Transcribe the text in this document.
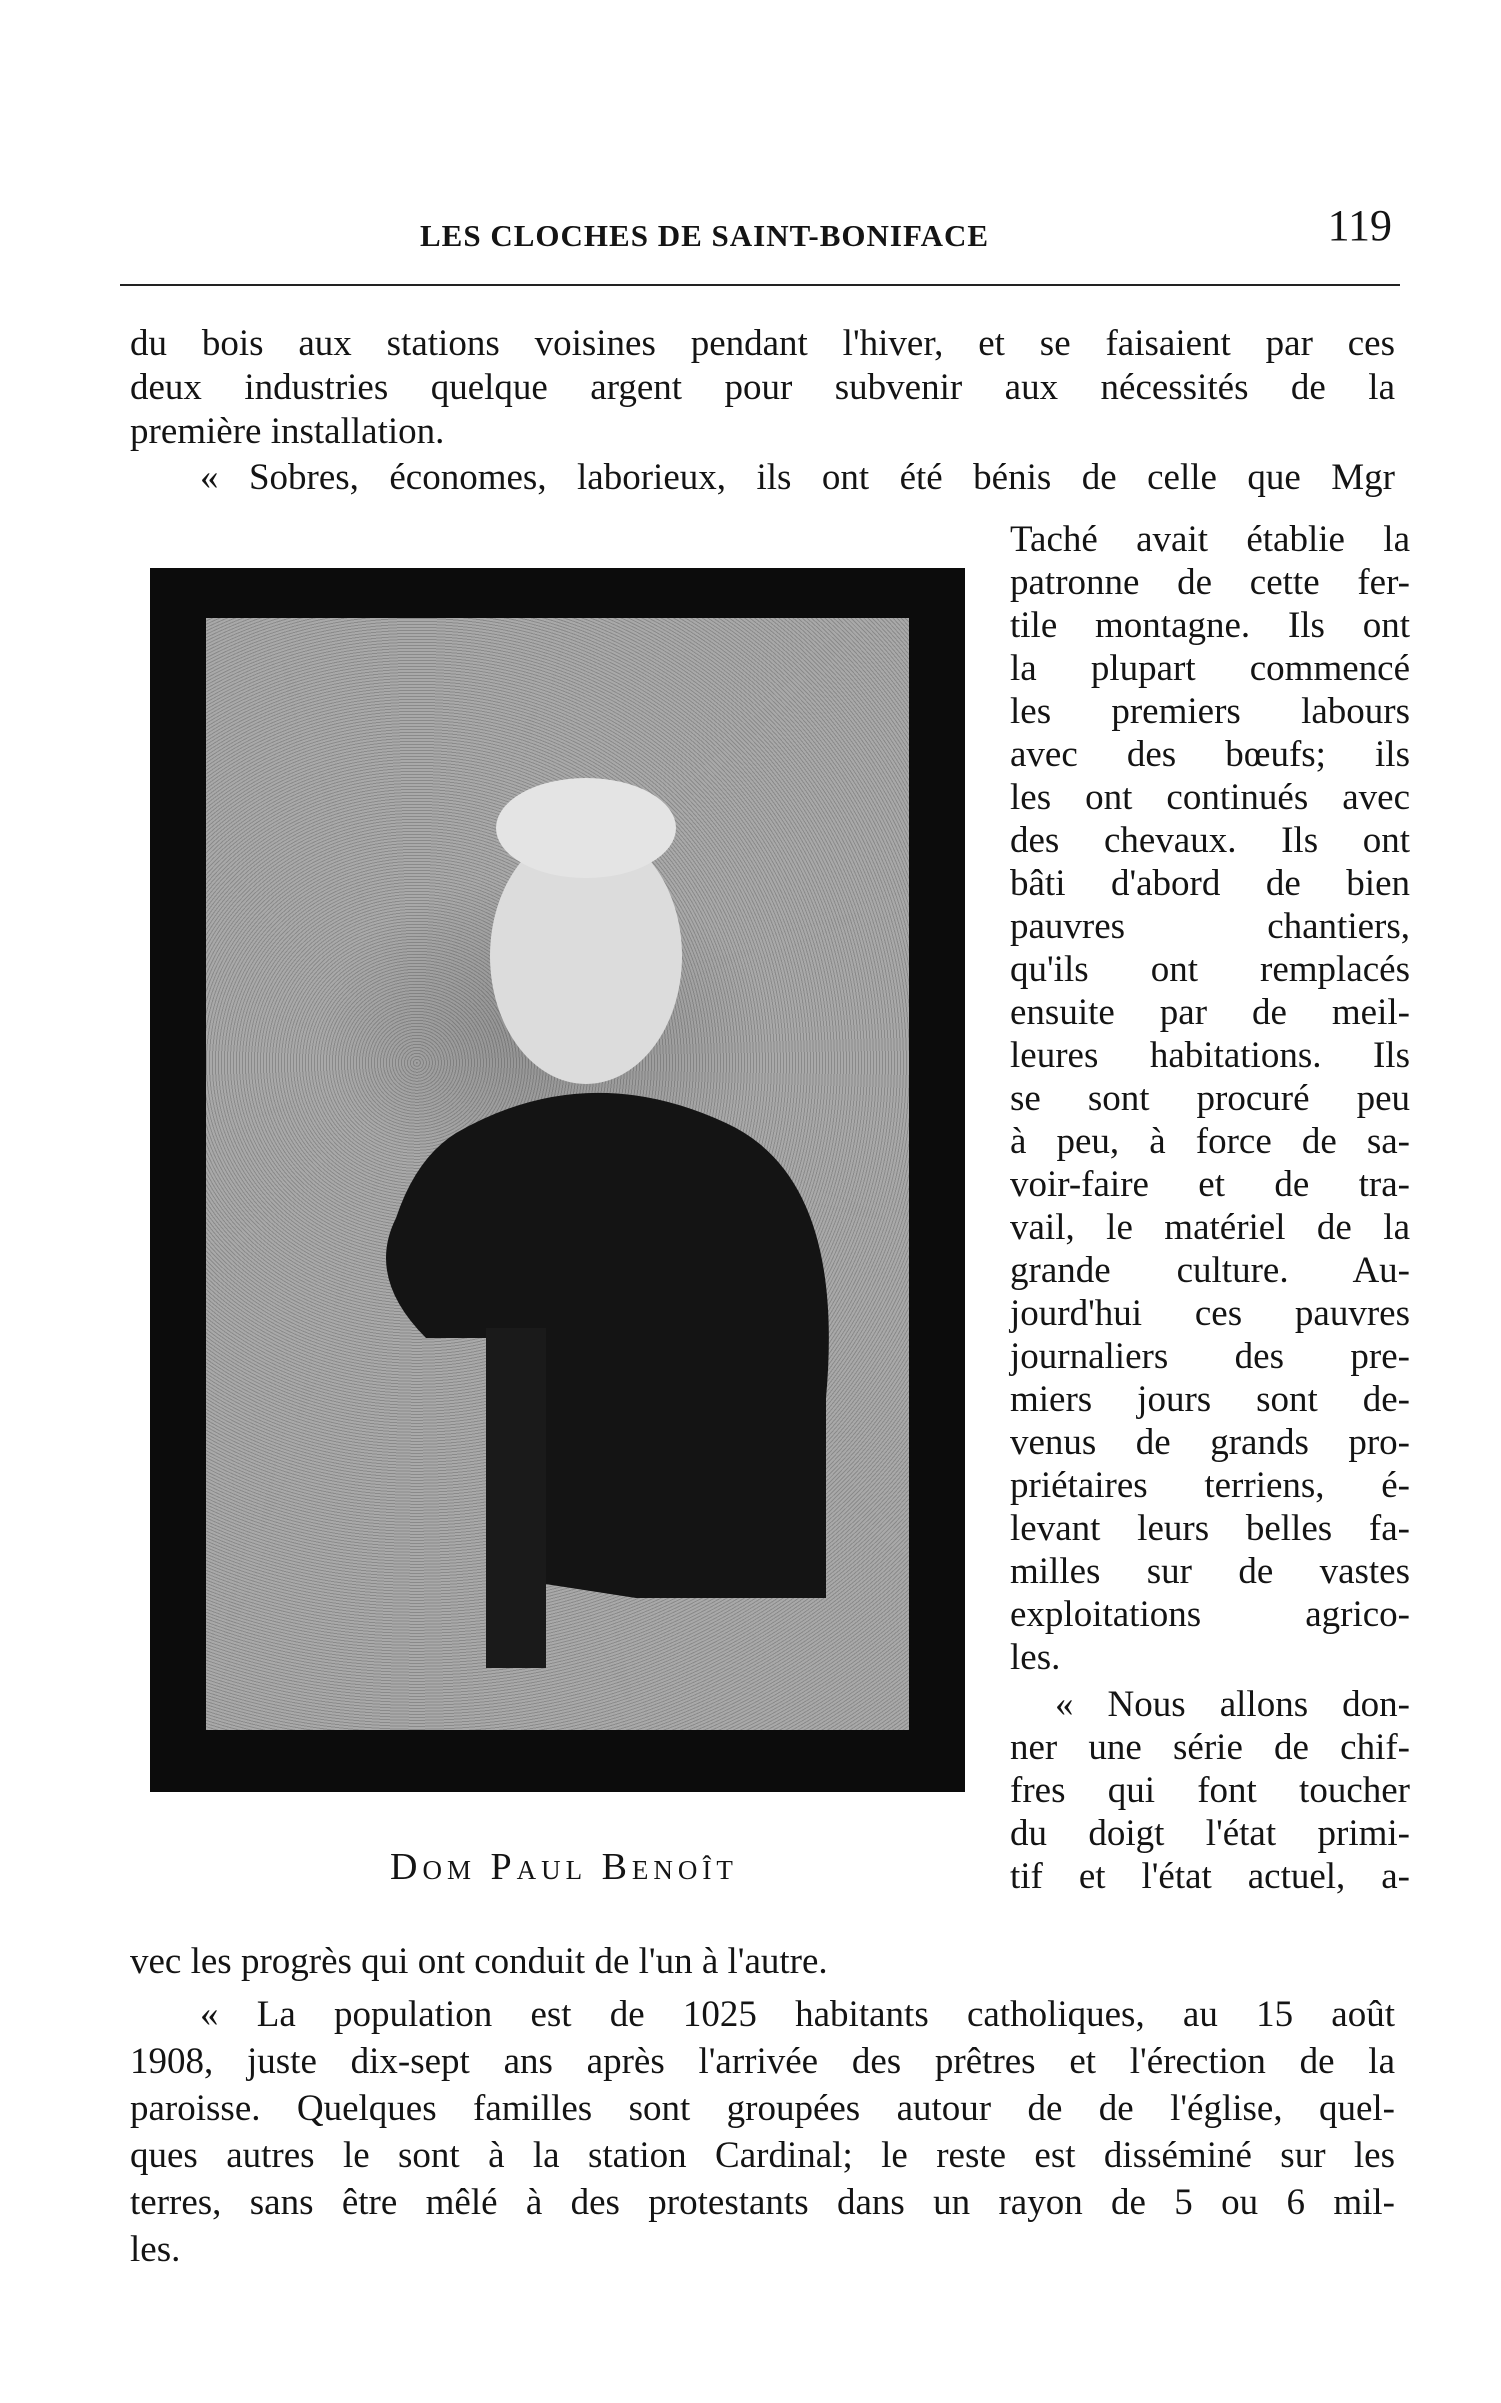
LES CLOCHES DE SAINT-BONIFACE	119
du bois aux stations voisines pendant l'hiver, et se faisaient par ces
deux industries quelque argent pour subvenir aux nécessités de la
première installation.
« Sobres, économes, laborieux, ils ont été bénis de celle que Mgr
Dom Paul Benoît
Taché avait établie la
patronne de cette fer-
tile montagne. Ils ont
la plupart commencé
les premiers labours
avec des bœufs; ils
les ont continués avec
des chevaux. Ils ont
bâti d'abord de bien
pauvres chantiers,
qu'ils ont remplacés
ensuite par de meil-
leures habitations. Ils
se sont procuré peu
à peu, à force de sa-
voir-faire et de tra-
vail, le matériel de la
grande culture. Au-
jourd'hui ces pauvres
journaliers des pre-
miers jours sont de-
venus de grands pro-
priétaires terriens, é-
levant leurs belles fa-
milles sur de vastes
exploitations agrico-
les.
« Nous allons don-
ner une série de chif-
fres qui font toucher
du doigt l'état primi-
tif et l'état actuel, a-
vec les progrès qui ont conduit de l'un à l'autre.
« La population est de 1025 habitants catholiques, au 15 août
1908, juste dix-sept ans après l'arrivée des prêtres et l'érection de la
paroisse. Quelques familles sont groupées autour de de l'église, quel-
ques autres le sont à la station Cardinal; le reste est disséminé sur les
terres, sans être mêlé à des protestants dans un rayon de 5 ou 6 mil-
les.
